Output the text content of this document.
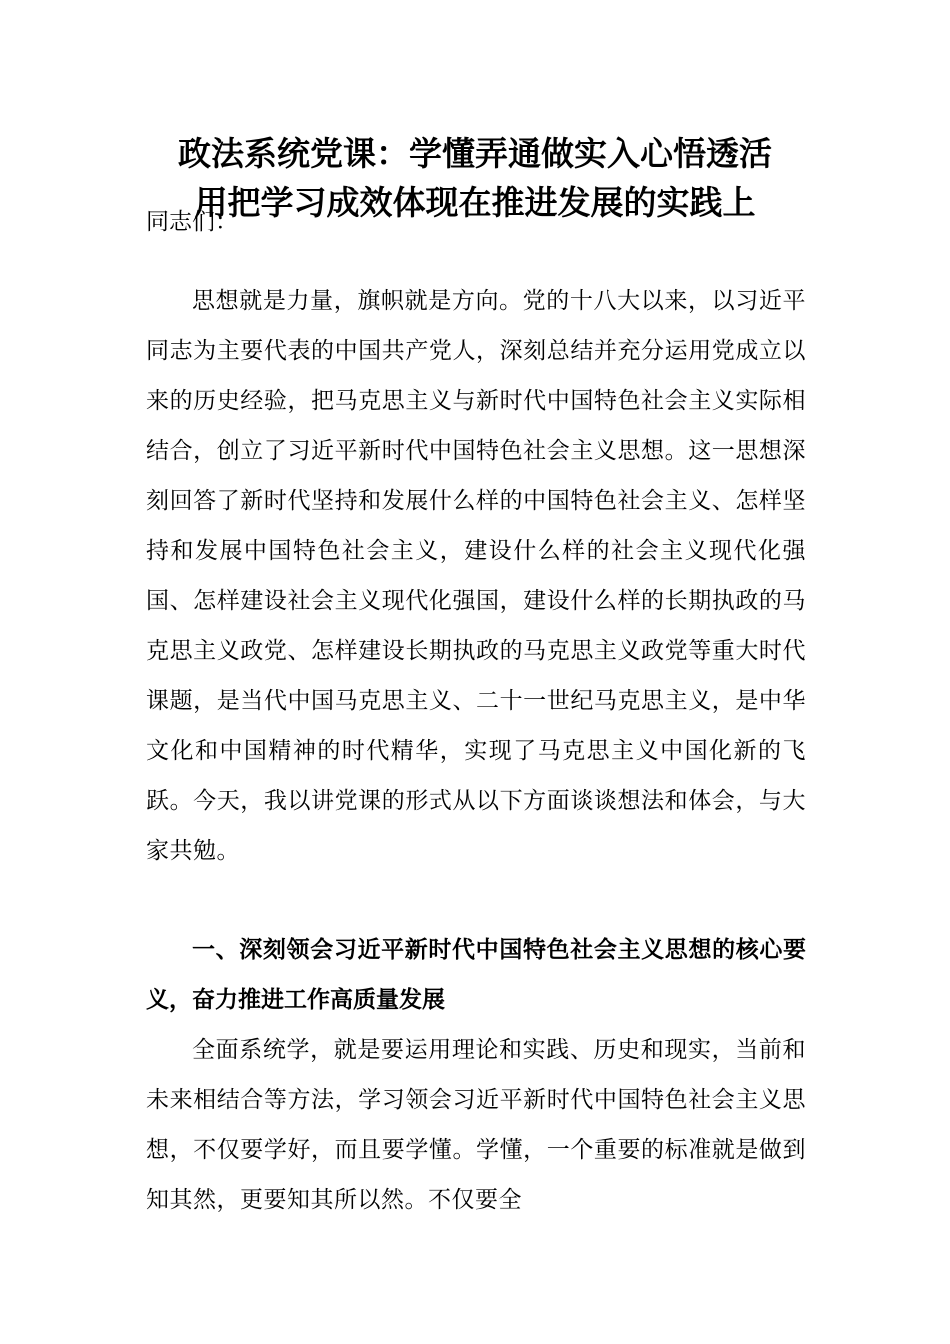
政法系统党课：学懂弄通做实入心悟透活
用把学习成效体现在推进发展的实践上
同志们：

思想就是力量，旗帜就是方向。党的十八大以来，以习近平同志为主要代表的中国共产党人，深刻总结并充分运用党成立以来的历史经验，把马克思主义与新时代中国特色社会主义实际相结合，创立了习近平新时代中国特色社会主义思想。这一思想深刻回答了新时代坚持和发展什么样的中国特色社会主义、怎样坚持和发展中国特色社会主义，建设什么样的社会主义现代化强国、怎样建设社会主义现代化强国，建设什么样的长期执政的马克思主义政党、怎样建设长期执政的马克思主义政党等重大时代课题，是当代中国马克思主义、二十一世纪马克思主义，是中华文化和中国精神的时代精华，实现了马克思主义中国化新的飞跃。今天，我以讲党课的形式从以下方面谈谈想法和体会，与大家共勉。

一、深刻领会习近平新时代中国特色社会主义思想的核心要义，奋力推进工作高质量发展

全面系统学，就是要运用理论和实践、历史和现实，当前和未来相结合等方法，学习领会习近平新时代中国特色社会主义思想，不仅要学好，而且要学懂。学懂，一个重要的标准就是做到知其然，更要知其所以然。不仅要全
